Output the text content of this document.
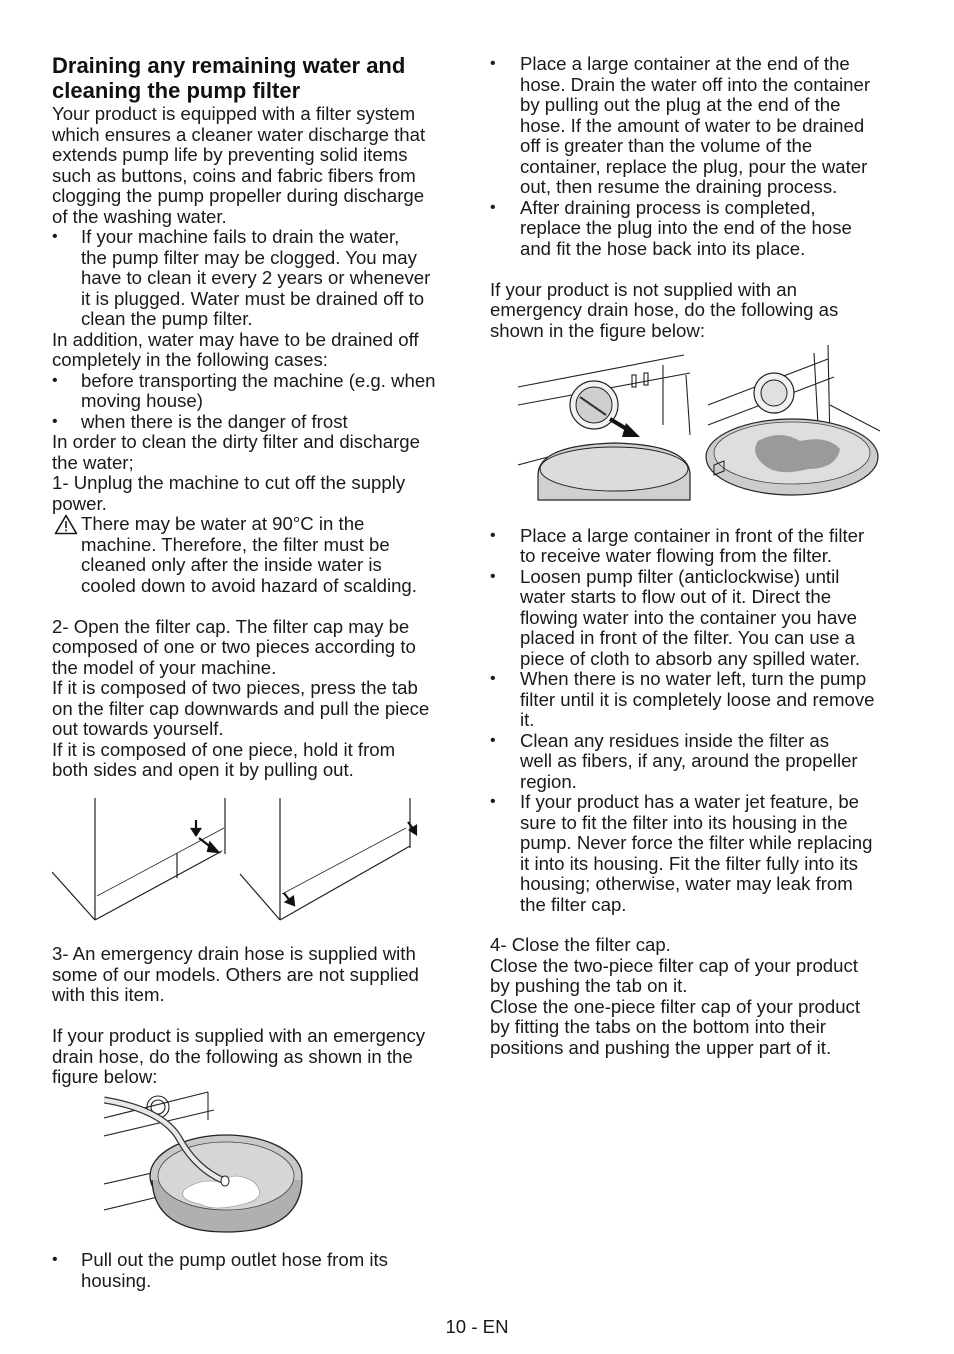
Draining any remaining water and
cleaning the pump filter
Your product is equipped with a filter system
which ensures a cleaner water discharge that
extends pump life by preventing solid items
such as buttons, coins and fabric fibers from
clogging the pump propeller during discharge
of the washing water.
• If your machine fails to drain the water,
the pump filter may be clogged. You may
have to clean it every 2 years or whenever
it is plugged. Water must be drained off to
clean the pump filter.
In addition, water may have to be drained off
completely in the following cases:
• before transporting the machine (e.g. when
moving house)
• when there is the danger of frost
In order to clean the dirty filter and discharge
the water;
1- Unplug the machine to cut off the supply
power.
There may be water at 90°C in the
machine. Therefore, the filter must be
cleaned only after the inside water is
cooled down to avoid hazard of scalding.
2- Open the filter cap. The filter cap may be
composed of one or two pieces according to
the model of your machine.
If it is composed of two pieces, press the tab
on the filter cap downwards and pull the piece
out towards yourself.
If it is composed of one piece, hold it from
both sides and open it by pulling out.
3- An emergency drain hose is supplied with
some of our models. Others are not supplied
with this item.
If your product is supplied with an emergency
drain hose, do the following as shown in the
figure below:
• Pull out the pump outlet hose from its
housing.
• Place a large container at the end of the
hose. Drain the water off into the container
by pulling out the plug at the end of the
hose. If the amount of water to be drained
off is greater than the volume of the
container, replace the plug, pour the water
out, then resume the draining process.
• After draining process is completed,
replace the plug into the end of the hose
and fit the hose back into its place.
If your product is not supplied with an
emergency drain hose, do the following as
shown in the figure below:
• Place a large container in front of the filter
to receive water flowing from the filter.
• Loosen pump filter (anticlockwise) until
water starts to flow out of it. Direct the
flowing water into the container you have
placed in front of the filter. You can use a
piece of cloth to absorb any spilled water.
• When there is no water left, turn the pump
filter until it is completely loose and remove
it.
• Clean any residues inside the filter as
well as fibers, if any, around the propeller
region.
• If your product has a water jet feature, be
sure to fit the filter into its housing in the
pump. Never force the filter while replacing
it into its housing. Fit the filter fully into its
housing; otherwise, water may leak from
the filter cap.
4- Close the filter cap.
Close the two-piece filter cap of your product
by pushing the tab on it.
Close the one-piece filter cap of your product
by fitting the tabs on the bottom into their
positions and pushing the upper part of it.
10 - EN
